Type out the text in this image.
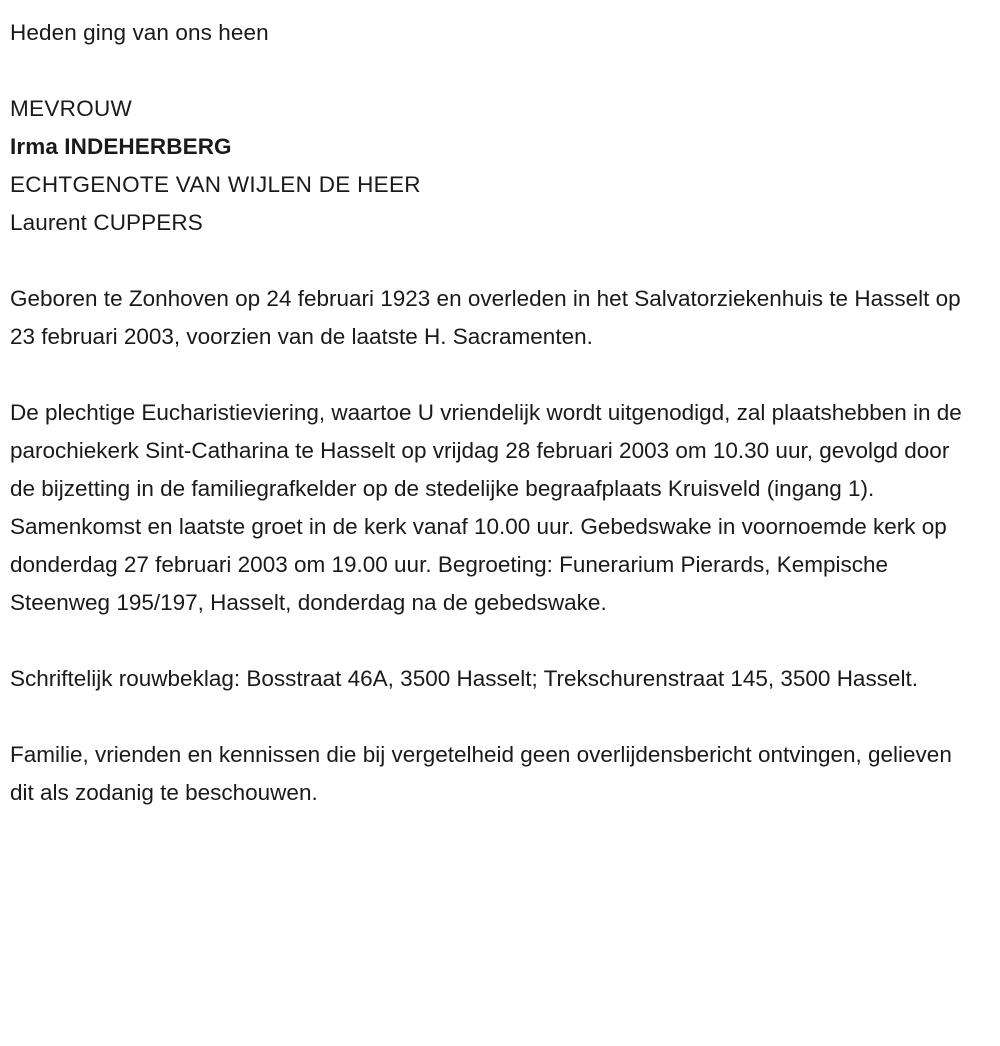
Heden ging van ons heen
MEVROUW
Irma INDEHERBERG
ECHTGENOTE VAN WIJLEN DE HEER
Laurent CUPPERS

Geboren te Zonhoven op 24 februari 1923 en overleden in het Salvatorziekenhuis te Hasselt op 23 februari 2003, voorzien van de laatste H. Sacramenten.

De plechtige Eucharistieviering, waartoe U vriendelijk wordt uitgenodigd, zal plaatshebben in de parochiekerk Sint-Catharina te Hasselt op vrijdag 28 februari 2003 om 10.30 uur, gevolgd door de bijzetting in de familiegrafkelder op de stedelijke begraafplaats Kruisveld (ingang 1). Samenkomst en laatste groet in de kerk vanaf 10.00 uur. Gebedswake in voornoemde kerk op donderdag 27 februari 2003 om 19.00 uur. Begroeting: Funerarium Pierards, Kempische Steenweg 195/197, Hasselt, donderdag na de gebedswake.

Schriftelijk rouwbeklag: Bosstraat 46A, 3500 Hasselt; Trekschurenstraat 145, 3500 Hasselt.

Familie, vrienden en kennissen die bij vergetelheid geen overlijdensbericht ontvingen, gelieven dit als zodanig te beschouwen.
